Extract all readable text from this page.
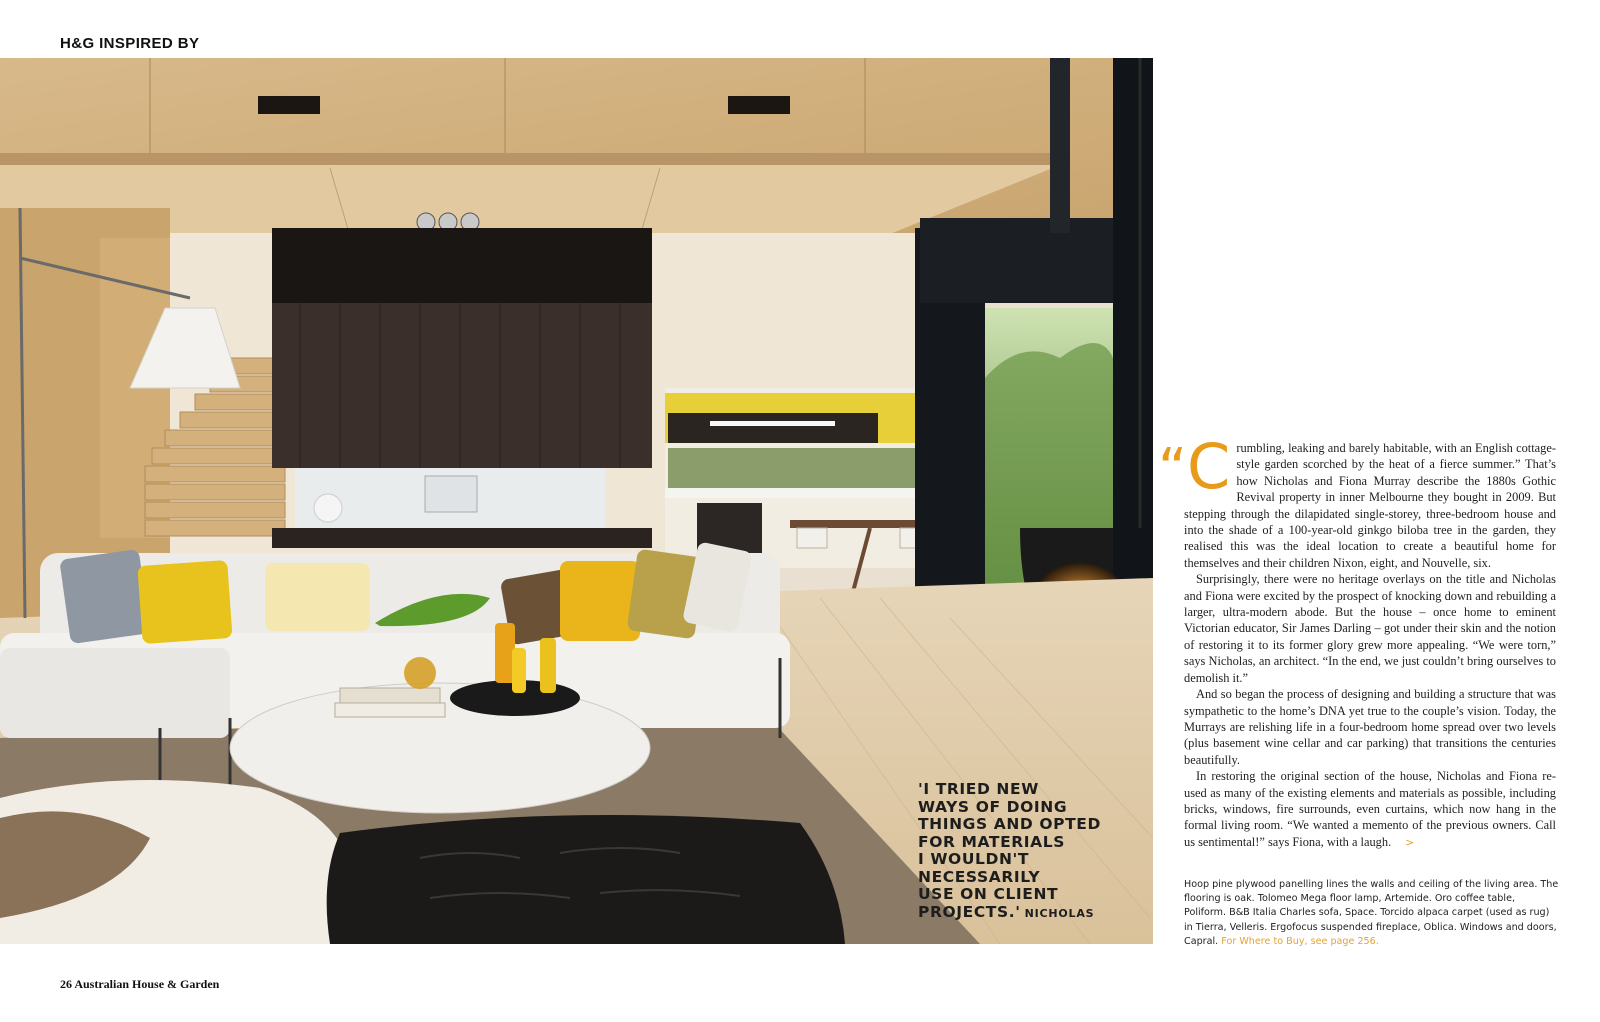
H&G INSPIRED BY
'I TRIED NEW
WAYS OF DOING
THINGS AND OPTED
FOR MATERIALS
I WOULDN'T
NECESSARILY
USE ON CLIENT
PROJECTS.' NICHOLAS

“C rumbling, leaking and barely habitable, with an English cottage-style garden scorched by the heat of a fierce summer.” That’s how Nicholas and Fiona Murray describe the 1880s Gothic Revival property in inner Melbourne they bought in 2009. But stepping through the dilapidated single-storey, three-bedroom house and into the shade of a 100-year-old ginkgo biloba tree in the garden, they realised this was the ideal location to create a beautiful home for themselves and their children Nixon, eight, and Nouvelle, six.

Surprisingly, there were no heritage overlays on the title and Nicholas and Fiona were excited by the prospect of knocking down and rebuilding a larger, ultra-modern abode. But the house – once home to eminent Victorian educator, Sir James Darling – got under their skin and the notion of restoring it to its former glory grew more appealing. “We were torn,” says Nicholas, an architect. “In the end, we just couldn’t bring ourselves to demolish it.”

And so began the process of designing and building a structure that was sympathetic to the home’s DNA yet true to the couple’s vision. Today, the Murrays are relishing life in a four-bedroom home spread over two levels (plus basement wine cellar and car parking) that transitions the centuries beautifully.

In restoring the original section of the house, Nicholas and Fiona re-used as many of the existing elements and materials as possible, including bricks, windows, fire surrounds, even curtains, which now hang in the formal living room. “We wanted a memento of the previous owners. Call us sentimental!” says Fiona, with a laugh. >

Hoop pine plywood panelling lines the walls and ceiling of the living area. The flooring is oak. Tolomeo Mega floor lamp, Artemide. Oro coffee table, Poliform. B&B Italia Charles sofa, Space. Torcido alpaca carpet (used as rug) in Tierra, Velleris. Ergofocus suspended fireplace, Oblica. Windows and doors, Capral. For Where to Buy, see page 256.
26 Australian House & Garden
